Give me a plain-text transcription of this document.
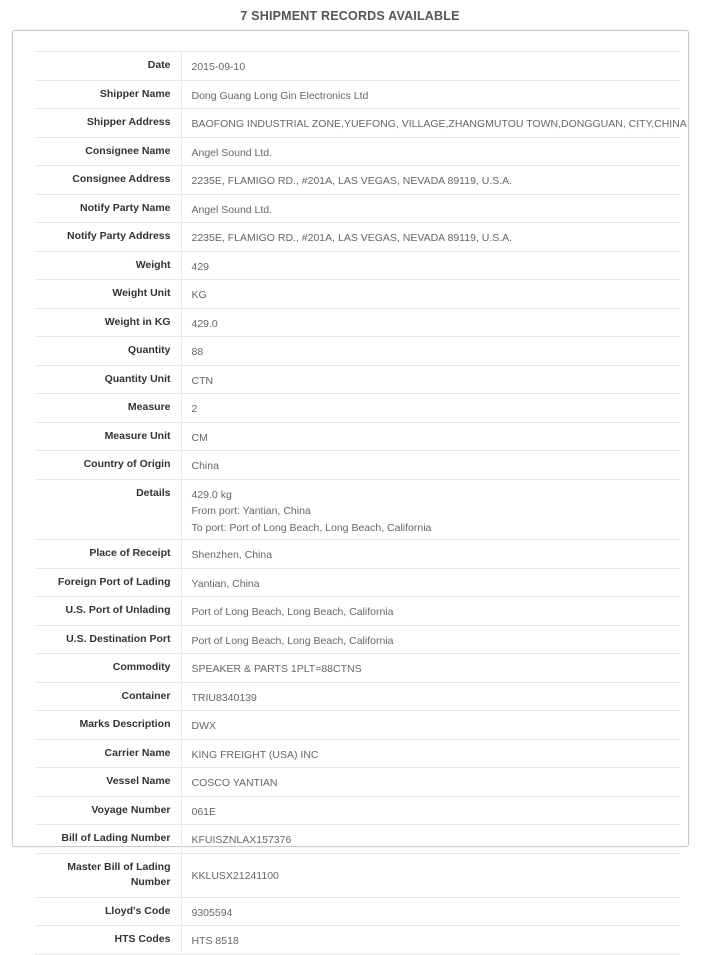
7 SHIPMENT RECORDS AVAILABLE
Date	2015-09-10
Shipper Name	Dong Guang Long Gin Electronics Ltd
Shipper Address	BAOFONG INDUSTRIAL ZONE,YUEFONG, VILLAGE,ZHANGMUTOU TOWN,DONGGUAN, CITY,CHINA
Consignee Name	Angel Sound Ltd.
Consignee Address	2235E, FLAMIGO RD., #201A, LAS VEGAS, NEVADA 89119, U.S.A.
Notify Party Name	Angel Sound Ltd.
Notify Party Address	2235E, FLAMIGO RD., #201A, LAS VEGAS, NEVADA 89119, U.S.A.
Weight	429
Weight Unit	KG
Weight in KG	429.0
Quantity	88
Quantity Unit	CTN
Measure	2
Measure Unit	CM
Country of Origin	China
Details	429.0 kg
From port: Yantian, China
To port: Port of Long Beach, Long Beach, California

Place of Receipt	Shenzhen, China
Foreign Port of Lading	Yantian, China
U.S. Port of Unlading	Port of Long Beach, Long Beach, California
U.S. Destination Port	Port of Long Beach, Long Beach, California
Commodity	SPEAKER & PARTS 1PLT=88CTNS
Container	TRIU8340139
Marks Description	DWX
Carrier Name	KING FREIGHT (USA) INC
Vessel Name	COSCO YANTIAN
Voyage Number	061E
Bill of Lading Number	KFUISZNLAX157376

Master Bill of Lading
Number	KKLUSX21241100
Lloyd's Code	9305594
HTS Codes	HTS 8518
